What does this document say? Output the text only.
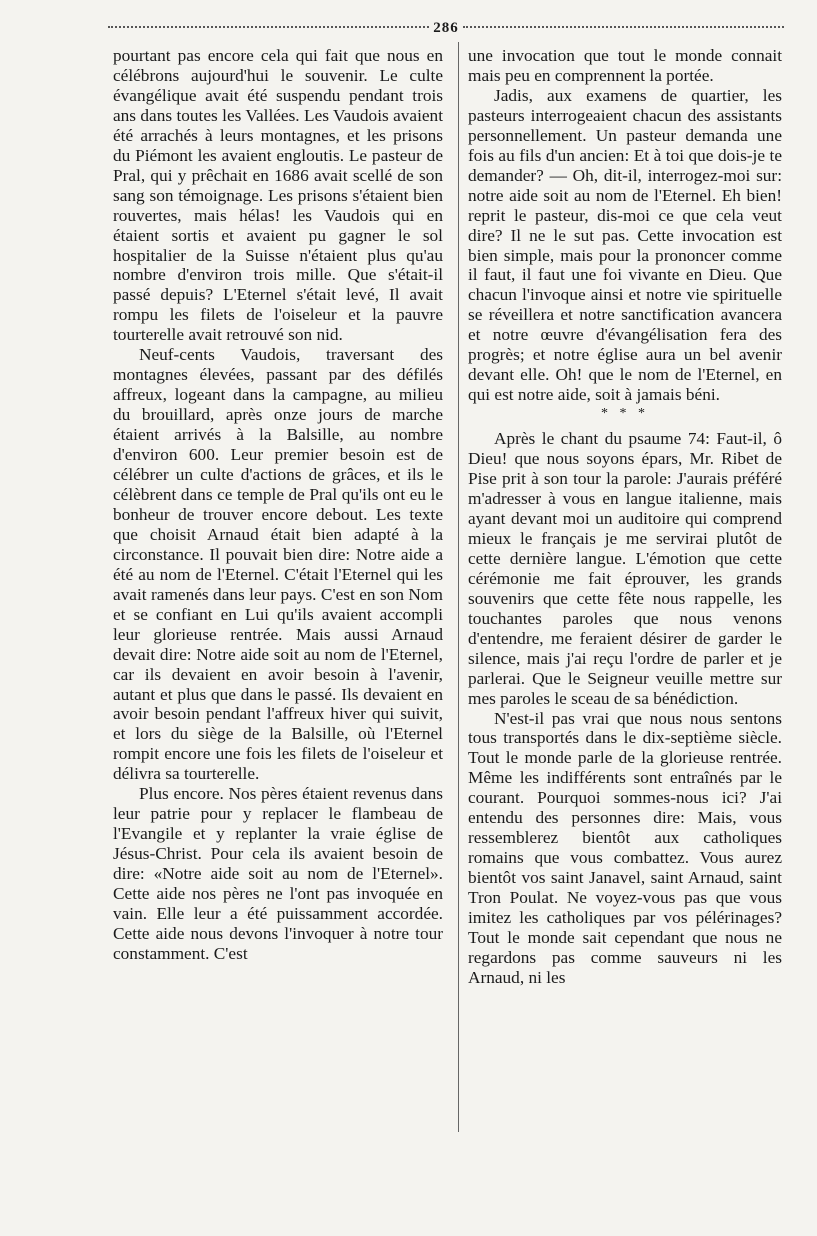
286

pourtant pas encore cela qui fait que nous en célébrons aujourd'hui le souvenir. Le culte évangélique avait été suspendu pendant trois ans dans toutes les Vallées. Les Vaudois avaient été arrachés à leurs montagnes, et les prisons du Piémont les avaient engloutis. Le pasteur de Pral, qui y prêchait en 1686 avait scellé de son sang son témoignage. Les prisons s'étaient bien rouvertes, mais hélas! les Vaudois qui en étaient sortis et avaient pu gagner le sol hospitalier de la Suisse n'étaient plus qu'au nombre d'environ trois mille. Que s'était-il passé depuis? L'Eternel s'était levé, Il avait rompu les filets de l'oiseleur et la pauvre tourterelle avait retrouvé son nid.

Neuf-cents Vaudois, traversant des montagnes élevées, passant par des défilés affreux, logeant dans la campagne, au milieu du brouillard, après onze jours de marche étaient arrivés à la Balsille, au nombre d'environ 600. Leur premier besoin est de célébrer un culte d'actions de grâces, et ils le célèbrent dans ce temple de Pral qu'ils ont eu le bonheur de trouver encore debout. Les texte que choisit Arnaud était bien adapté à la circonstance. Il pouvait bien dire: Notre aide a été au nom de l'Eternel. C'était l'Eternel qui les avait ramenés dans leur pays. C'est en son Nom et se confiant en Lui qu'ils avaient accompli leur glorieuse rentrée. Mais aussi Arnaud devait dire: Notre aide soit au nom de l'Eternel, car ils devaient en avoir besoin à l'avenir, autant et plus que dans le passé. Ils devaient en avoir besoin pendant l'affreux hiver qui suivit, et lors du siège de la Balsille, où l'Eternel rompit encore une fois les filets de l'oiseleur et délivra sa tourterelle.

Plus encore. Nos pères étaient revenus dans leur patrie pour y replacer le flambeau de l'Evangile et y replanter la vraie église de Jésus-Christ. Pour cela ils avaient besoin de dire: «Notre aide soit au nom de l'Eternel». Cette aide nos pères ne l'ont pas invoquée en vain. Elle leur a été puissamment accordée. Cette aide nous devons l'invoquer à notre tour constamment. C'est

une invocation que tout le monde connait mais peu en comprennent la portée.

Jadis, aux examens de quartier, les pasteurs interrogeaient chacun des assistants personnellement. Un pasteur demanda une fois au fils d'un ancien: Et à toi que dois-je te demander? — Oh, dit-il, interrogez-moi sur: notre aide soit au nom de l'Eternel. Eh bien! reprit le pasteur, dis-moi ce que cela veut dire? Il ne le sut pas. Cette invocation est bien simple, mais pour la prononcer comme il faut, il faut une foi vivante en Dieu. Que chacun l'invoque ainsi et notre vie spirituelle se réveillera et notre sanctification avancera et notre œuvre d'évangélisation fera des progrès; et notre église aura un bel avenir devant elle. Oh! que le nom de l'Eternel, en qui est notre aide, soit à jamais béni.

* * *

Après le chant du psaume 74: Faut-il, ô Dieu! que nous soyons épars, Mr. Ribet de Pise prit à son tour la parole: J'aurais préféré m'adresser à vous en langue italienne, mais ayant devant moi un auditoire qui comprend mieux le français je me servirai plutôt de cette dernière langue. L'émotion que cette cérémonie me fait éprouver, les grands souvenirs que cette fête nous rappelle, les touchantes paroles que nous venons d'entendre, me feraient désirer de garder le silence, mais j'ai reçu l'ordre de parler et je parlerai. Que le Seigneur veuille mettre sur mes paroles le sceau de sa bénédiction.

N'est-il pas vrai que nous nous sentons tous transportés dans le dix-septième siècle. Tout le monde parle de la glorieuse rentrée. Même les indifférents sont entraînés par le courant. Pourquoi sommes-nous ici? J'ai entendu des personnes dire: Mais, vous ressemblerez bientôt aux catholiques romains que vous combattez. Vous aurez bientôt vos saint Janavel, saint Arnaud, saint Tron Poulat. Ne voyez-vous pas que vous imitez les catholiques par vos pélérinages? Tout le monde sait cependant que nous ne regardons pas comme sauveurs ni les Arnaud, ni les
